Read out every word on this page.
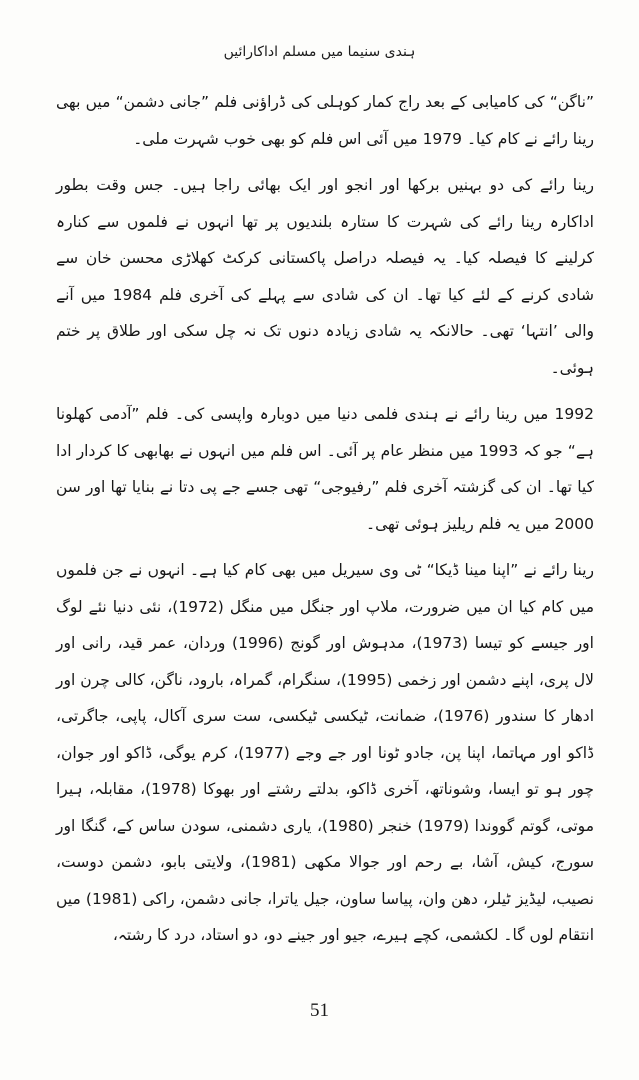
ہندی سنیما میں مسلم اداکارائیں

”ناگن“ کی کامیابی کے بعد راج کمار کوہلی کی ڈراؤنی فلم ”جانی دشمن“ میں بھی رینا رائے نے کام کیا۔ 1979 میں آئی اس فلم کو بھی خوب شہرت ملی۔

رینا رائے کی دو بہنیں برکھا اور انجو اور ایک بھائی راجا ہیں۔ جس وقت بطور اداکارہ رینا رائے کی شہرت کا ستارہ بلندیوں پر تھا انہوں نے فلموں سے کنارہ کرلینے کا فیصلہ کیا۔ یہ فیصلہ دراصل پاکستانی کرکٹ کھلاڑی محسن خان سے شادی کرنے کے لئے کیا تھا۔ ان کی شادی سے پہلے کی آخری فلم 1984 میں آنے والی ’انتہا‘ تھی۔ حالانکہ یہ شادی زیادہ دنوں تک نہ چل سکی اور طلاق پر ختم ہوئی۔

1992 میں رینا رائے نے ہندی فلمی دنیا میں دوبارہ واپسی کی۔ فلم ”آدمی کھلونا ہے“ جو کہ 1993 میں منظر عام پر آئی۔ اس فلم میں انہوں نے بھابھی کا کردار ادا کیا تھا۔ ان کی گزشتہ آخری فلم ”رفیوجی“ تھی جسے جے پی دتا نے بنایا تھا اور سن 2000 میں یہ فلم ریلیز ہوئی تھی۔

رینا رائے نے ”اپنا مینا ڈیکا“ ٹی وی سیریل میں بھی کام کیا ہے۔ انہوں نے جن فلموں میں کام کیا ان میں ضرورت، ملاپ اور جنگل میں منگل (1972)، نئی دنیا نئے لوگ اور جیسے کو تیسا (1973)، مدہوش اور گونج (1996) وردان، عمر قید، رانی اور لال پری، اپنے دشمن اور زخمی (1995)، سنگرام، گمراہ، بارود، ناگن، کالی چرن اور ادھار کا سندور (1976)، ضمانت، ٹیکسی ٹیکسی، ست سری آکال، پاپی، جاگرتی، ڈاکو اور مہاتما، اپنا پن، جادو ٹونا اور جے وجے (1977)، کرم یوگی، ڈاکو اور جوان، چور ہو تو ایسا، وشوناتھ، آخری ڈاکو، بدلتے رشتے اور بھوکا (1978)، مقابلہ، ہیرا موتی، گوتم گووندا (1979) خنجر (1980)، یاری دشمنی، سودن ساس کے، گنگا اور سورج، کیش، آشا، بے رحم اور جوالا مکھی (1981)، ولایتی بابو، دشمن دوست، نصیب، لیڈیز ٹیلر، دھن وان، پیاسا ساون، جیل یاترا، جانی دشمن، راکی (1981) میں انتقام لوں گا۔ لکشمی، کچے ہیرے، جیو اور جینے دو، دو استاد، درد کا رشتہ،

51
